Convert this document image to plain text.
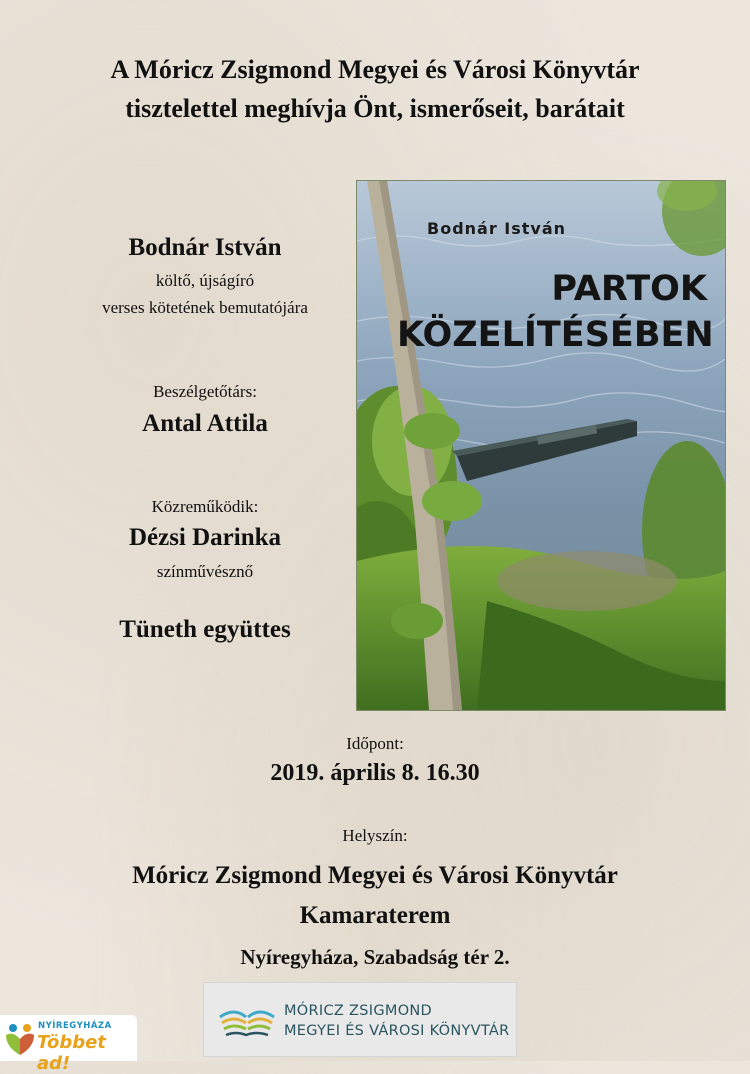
A Móricz Zsigmond Megyei és Városi Könyvtár
tisztelettel meghívja Önt, ismerőseit, barátait
Bodnár István
költő, újságíró
verses kötetének bemutatójára
Beszélgetőtárs:
Antal Attila
Közreműködik:
Dézsi Darinka
színművésznő
Tüneth együttes
Bodnár István
PARTOK
KÖZELÍTÉSÉBEN
Időpont:
2019. április 8. 16.30
Helyszín:
Móricz Zsigmond Megyei és Városi Könyvtár
Kamaraterem
Nyíregyháza, Szabadság tér 2.
MÓRICZ ZSIGMOND
MEGYEI ÉS VÁROSI KÖNYVTÁR
NYÍREGYHÁZA
Többet ad!
